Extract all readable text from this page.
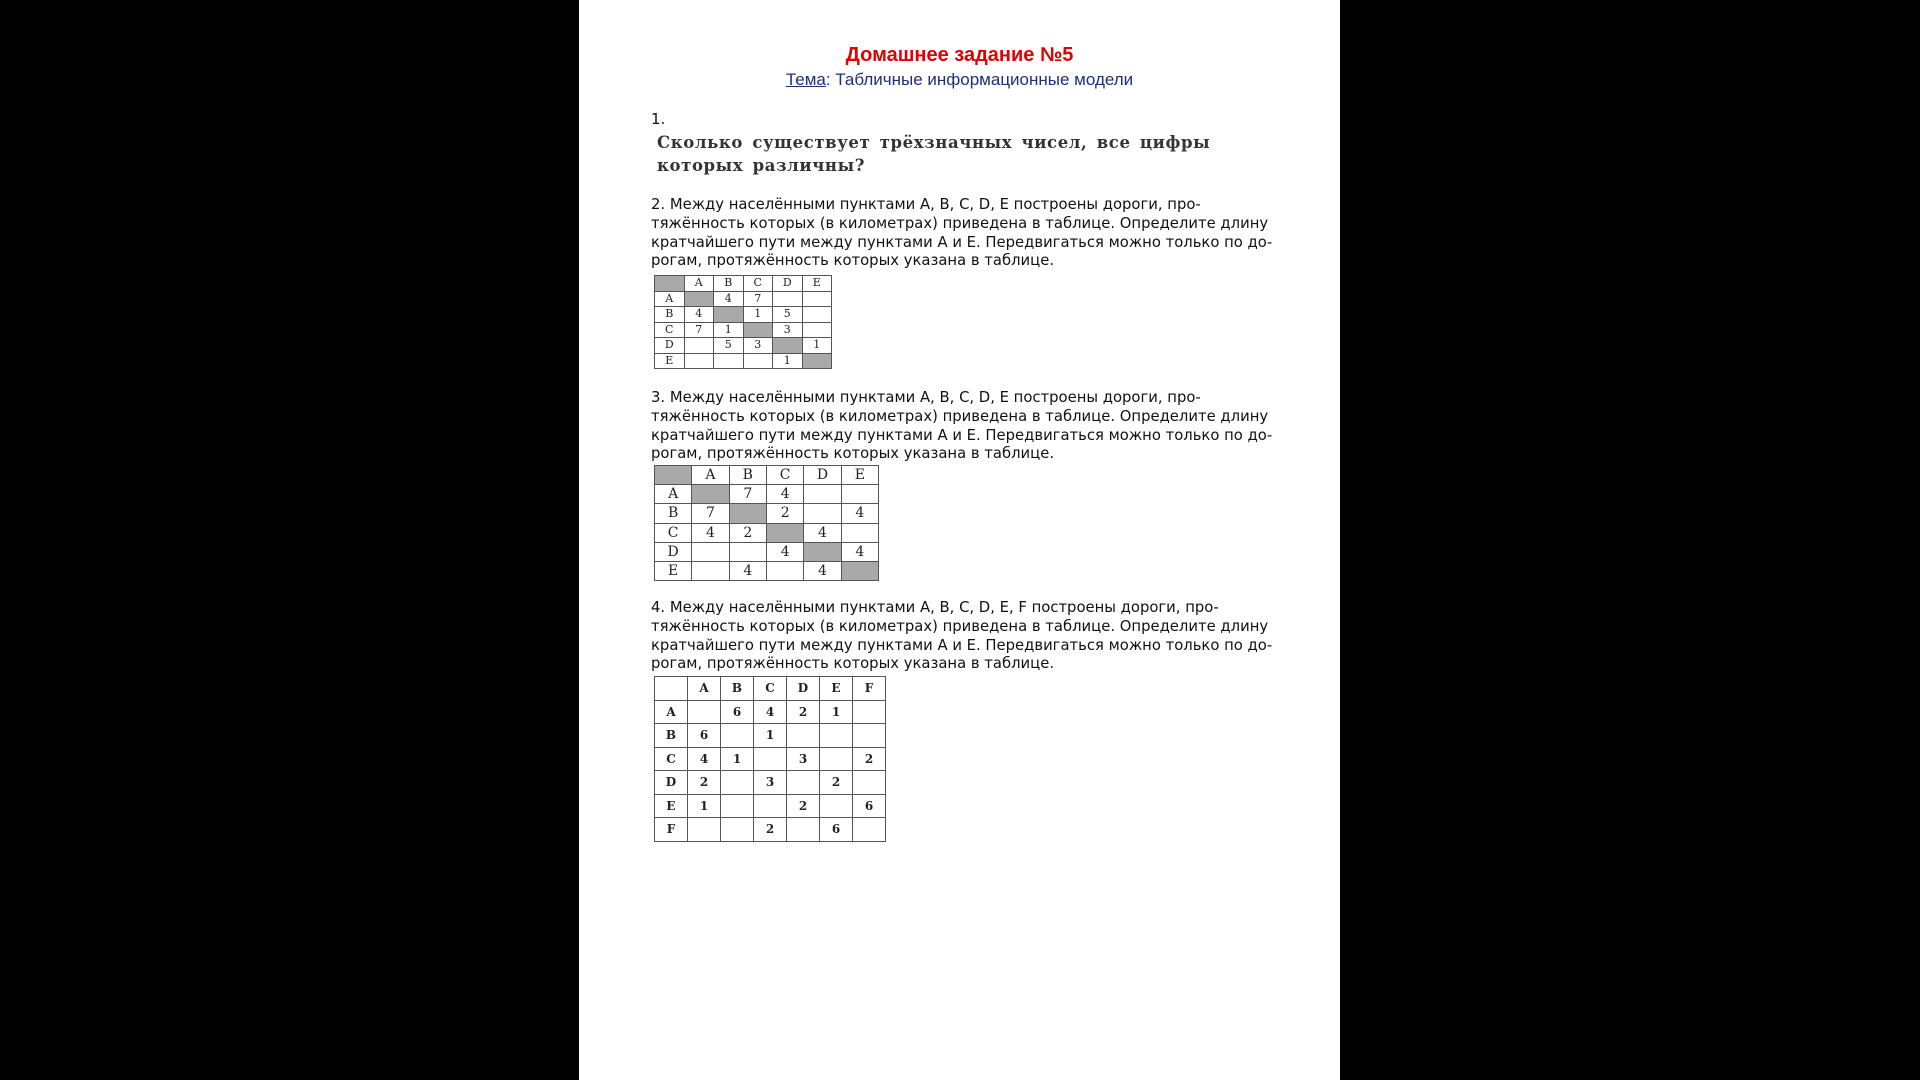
Домашнее задание №5
Тема: Табличные информационные модели
1.
Сколько существует трёхзначных чисел, все цифры которых различны?
2. Между населёнными пунктами A, B, C, D, E построены дороги, про-
тяжённость которых (в километрах) приведена в таблице. Определите длину
кратчайшего пути между пунктами A и E. Передвигаться можно только по до-
рогам, протяжённость которых указана в таблице.
	A	B	C	D	E
A		4	7		
B	4		1	5	
C	7	1		3	
D		5	3		1
E				1	
3. Между населёнными пунктами A, B, C, D, E построены дороги, про-
тяжённость которых (в километрах) приведена в таблице. Определите длину
кратчайшего пути между пунктами A и E. Передвигаться можно только по до-
рогам, протяжённость которых указана в таблице.
	A	B	C	D	E
A		7	4		
B	7		2		4
C	4	2		4	
D			4		4
E		4		4	
4. Между населёнными пунктами A, B, C, D, E, F построены дороги, про-
тяжённость которых (в километрах) приведена в таблице. Определите длину
кратчайшего пути между пунктами A и E. Передвигаться можно только по до-
рогам, протяжённость которых указана в таблице.
	A	B	C	D	E	F
A		6	4	2	1	
B	6		1			
C	4	1		3		2
D	2		3		2	
E	1			2		6
F			2		6	
